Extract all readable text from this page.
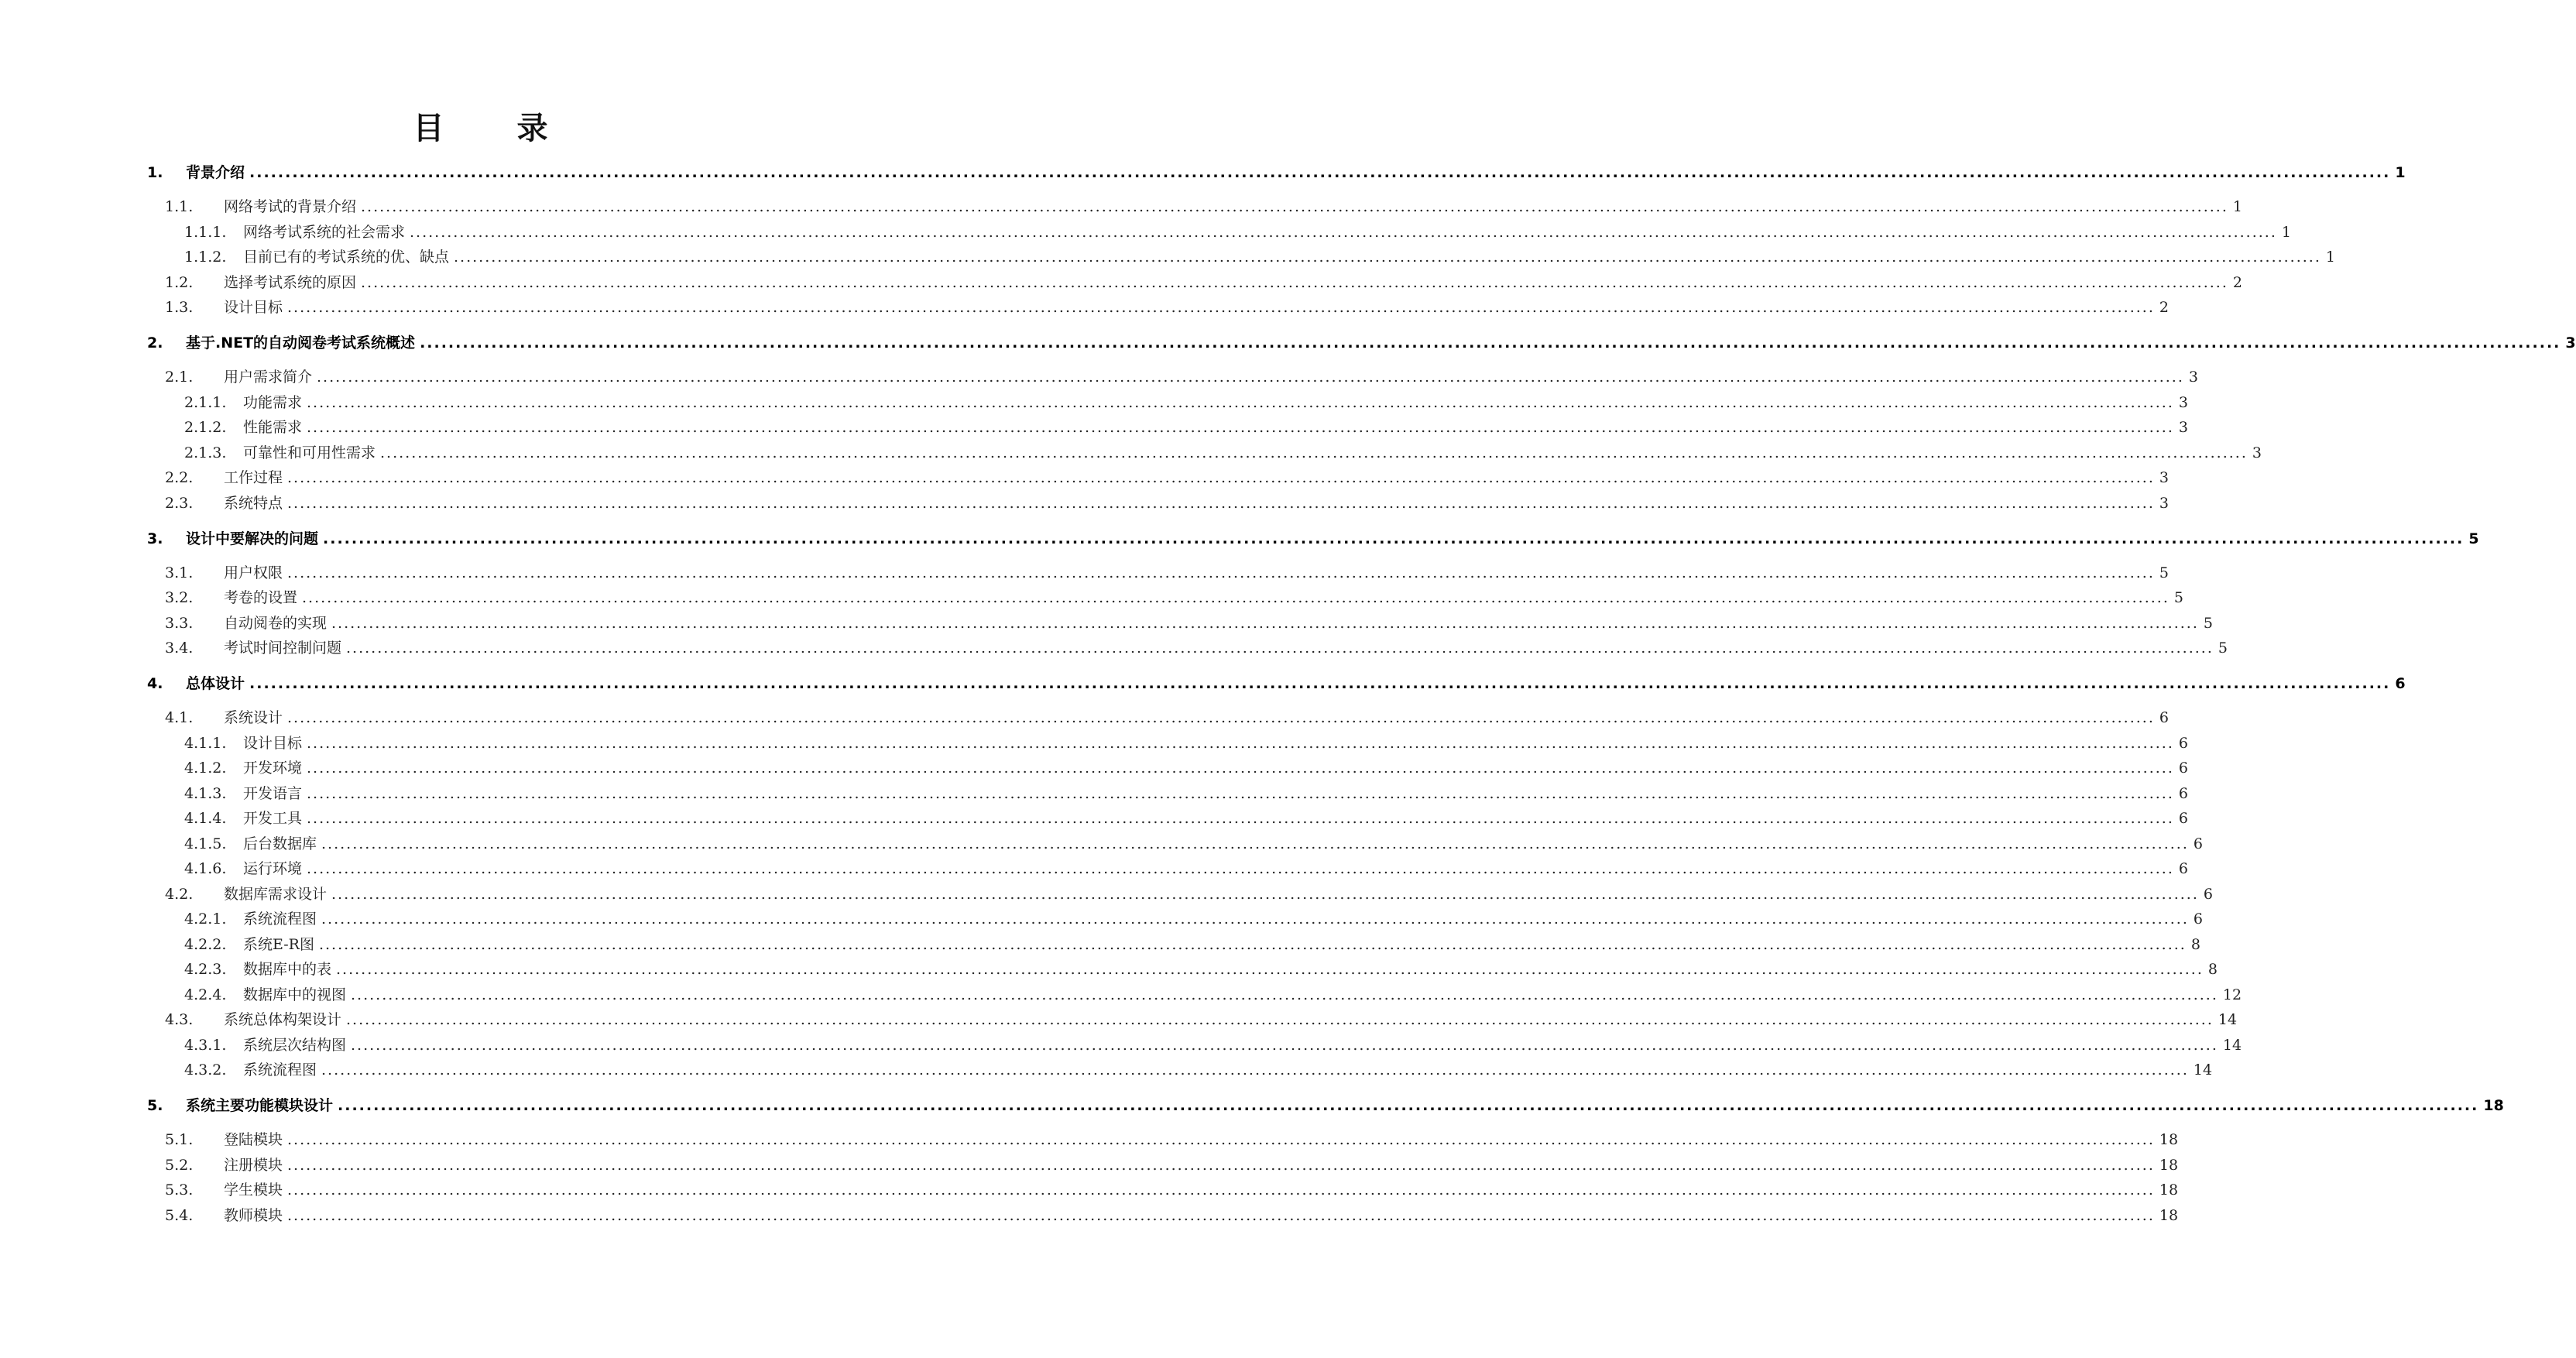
目 录
1.	背景介绍 ............................................................................................................................................................................................................................................................................................................ 1
1.1.	网络考试的背景介绍 ............................................................................................................................................................................................................................................................................................................ 1
1.1.1.	网络考试系统的社会需求 ............................................................................................................................................................................................................................................................................................................ 1
1.1.2.	目前已有的考试系统的优、缺点 ............................................................................................................................................................................................................................................................................................................ 1
1.2.	选择考试系统的原因 ............................................................................................................................................................................................................................................................................................................ 2
1.3.	设计目标 ............................................................................................................................................................................................................................................................................................................ 2
2.	基于.NET的自动阅卷考试系统概述 ............................................................................................................................................................................................................................................................................................................ 3
2.1.	用户需求简介 ............................................................................................................................................................................................................................................................................................................ 3
2.1.1.	功能需求 ............................................................................................................................................................................................................................................................................................................ 3
2.1.2.	性能需求 ............................................................................................................................................................................................................................................................................................................ 3
2.1.3.	可靠性和可用性需求 ............................................................................................................................................................................................................................................................................................................ 3
2.2.	工作过程 ............................................................................................................................................................................................................................................................................................................ 3
2.3.	系统特点 ............................................................................................................................................................................................................................................................................................................ 3
3.	设计中要解决的问题 ............................................................................................................................................................................................................................................................................................................ 5
3.1.	用户权限 ............................................................................................................................................................................................................................................................................................................ 5
3.2.	考卷的设置 ............................................................................................................................................................................................................................................................................................................ 5
3.3.	自动阅卷的实现 ............................................................................................................................................................................................................................................................................................................ 5
3.4.	考试时间控制问题 ............................................................................................................................................................................................................................................................................................................ 5
4.	总体设计 ............................................................................................................................................................................................................................................................................................................ 6
4.1.	系统设计 ............................................................................................................................................................................................................................................................................................................ 6
4.1.1.	设计目标 ............................................................................................................................................................................................................................................................................................................ 6
4.1.2.	开发环境 ............................................................................................................................................................................................................................................................................................................ 6
4.1.3.	开发语言 ............................................................................................................................................................................................................................................................................................................ 6
4.1.4.	开发工具 ............................................................................................................................................................................................................................................................................................................ 6
4.1.5.	后台数据库 ............................................................................................................................................................................................................................................................................................................ 6
4.1.6.	运行环境 ............................................................................................................................................................................................................................................................................................................ 6
4.2.	数据库需求设计 ............................................................................................................................................................................................................................................................................................................ 6
4.2.1.	系统流程图 ............................................................................................................................................................................................................................................................................................................ 6
4.2.2.	系统E-R图 ............................................................................................................................................................................................................................................................................................................ 8
4.2.3.	数据库中的表 ............................................................................................................................................................................................................................................................................................................ 8
4.2.4.	数据库中的视图 ............................................................................................................................................................................................................................................................................................................ 12
4.3.	系统总体构架设计 ............................................................................................................................................................................................................................................................................................................ 14
4.3.1.	系统层次结构图 ............................................................................................................................................................................................................................................................................................................ 14
4.3.2.	系统流程图 ............................................................................................................................................................................................................................................................................................................ 14
5.	系统主要功能模块设计 ............................................................................................................................................................................................................................................................................................................ 18
5.1.	登陆模块 ............................................................................................................................................................................................................................................................................................................ 18
5.2.	注册模块 ............................................................................................................................................................................................................................................................................................................ 18
5.3.	学生模块 ............................................................................................................................................................................................................................................................................................................ 18
5.4.	教师模块 ............................................................................................................................................................................................................................................................................................................ 18
